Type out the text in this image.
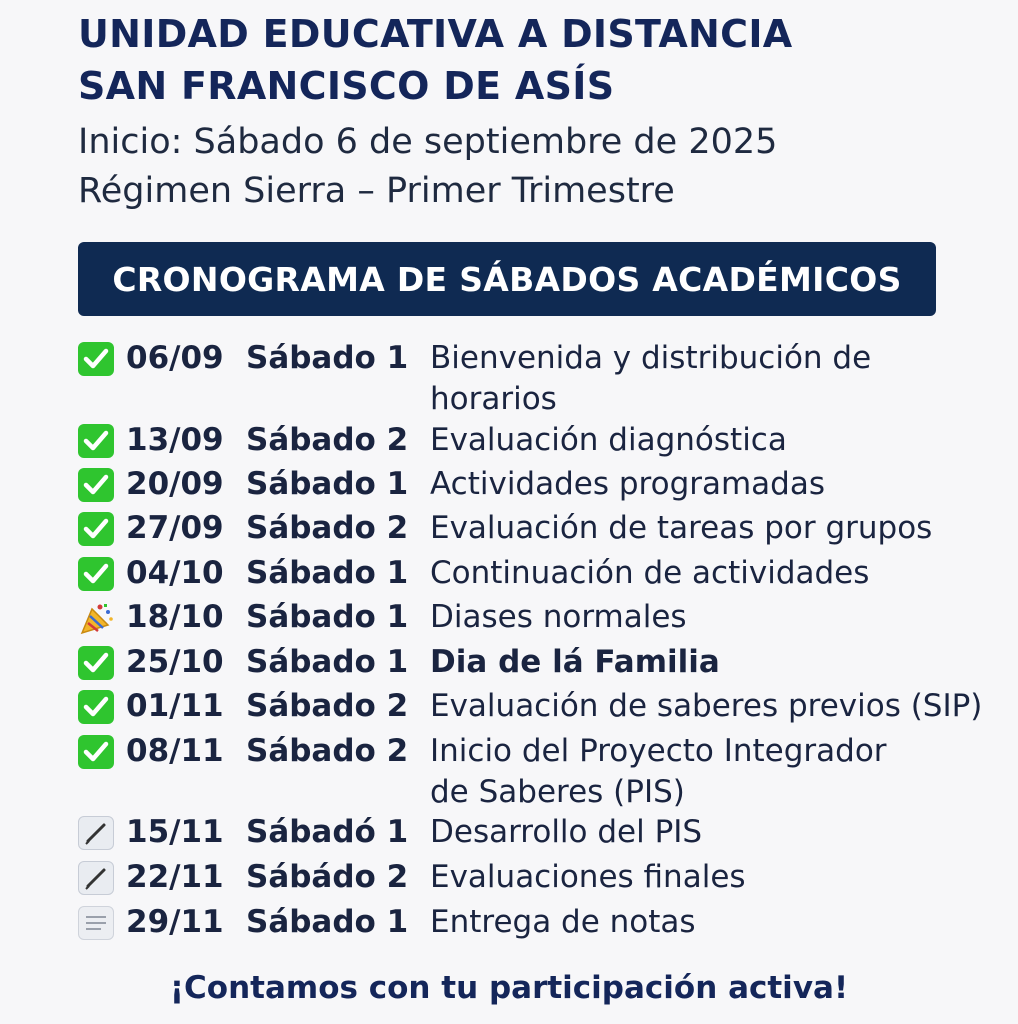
UNIDAD EDUCATIVA A DISTANCIA
SAN FRANCISCO DE ASÍS
Inicio: Sábado 6 de septiembre de 2025
Régimen Sierra – Primer Trimestre
CRONOGRAMA DE SÁBADOS ACADÉMICOS
06/09 Sábado 1 Bienvenida y distribución de horarios
13/09 Sábado 2 Evaluación diagnóstica
20/09 Sábado 1 Actividades programadas
27/09 Sábado 2 Evaluación de tareas por grupos
04/10 Sábado 1 Continuación de actividades
18/10 Sábado 1 Diases normales
25/10 Sábado 1 Dia de lá Familia
01/11 Sábado 2 Evaluación de saberes previos (SIP)
08/11 Sábado 2 Inicio del Proyecto Integrador de Saberes (PIS)
15/11 Sábadó 1 Desarrollo del PIS
22/11 Sábádo 2 Evaluaciones finales
29/11 Sábado 1 Entrega de notas
¡Contamos con tu participación activa!
